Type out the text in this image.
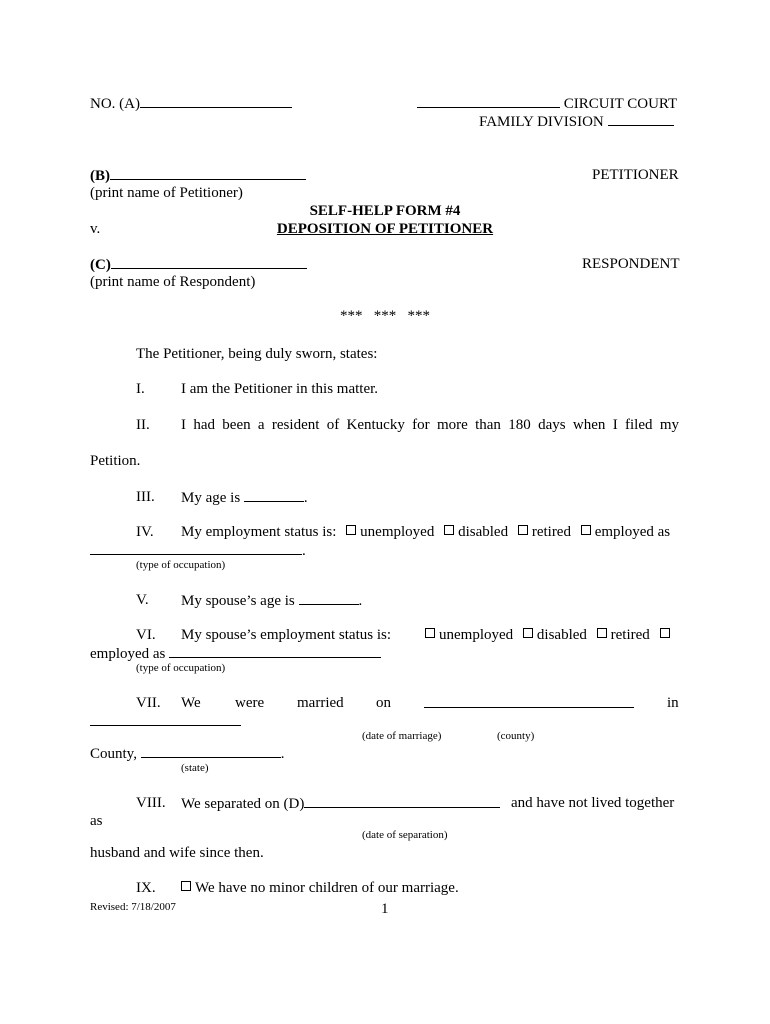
NO. (A)	CIRCUIT COURT
FAMILY DIVISION
(B)	PETITIONER
(print name of Petitioner)
SELF-HELP FORM #4
v.	DEPOSITION OF PETITIONER
(C)	RESPONDENT
(print name of Respondent)
***   ***   ***
The Petitioner, being duly sworn, states:
I. I am the Petitioner in this matter.
II. I had been a resident of Kentucky for more than 180 days when I filed my
Petition.
III. My age is	.
IV. My employment status is: unemployed disabled retired employed as
.
(type of occupation)
V. My spouse’s age is	.
VI. My spouse’s employment status is:	unemployed disabled retired
employed as
(type of occupation)
VII. We were married on	in
(date of marriage)	(county)
County,	.
(state)
VIII. We separated on (D)	and have not lived together
as
(date of separation)
husband and wife since then.
IX.	We have no minor children of our marriage.
Revised: 7/18/2007	1
